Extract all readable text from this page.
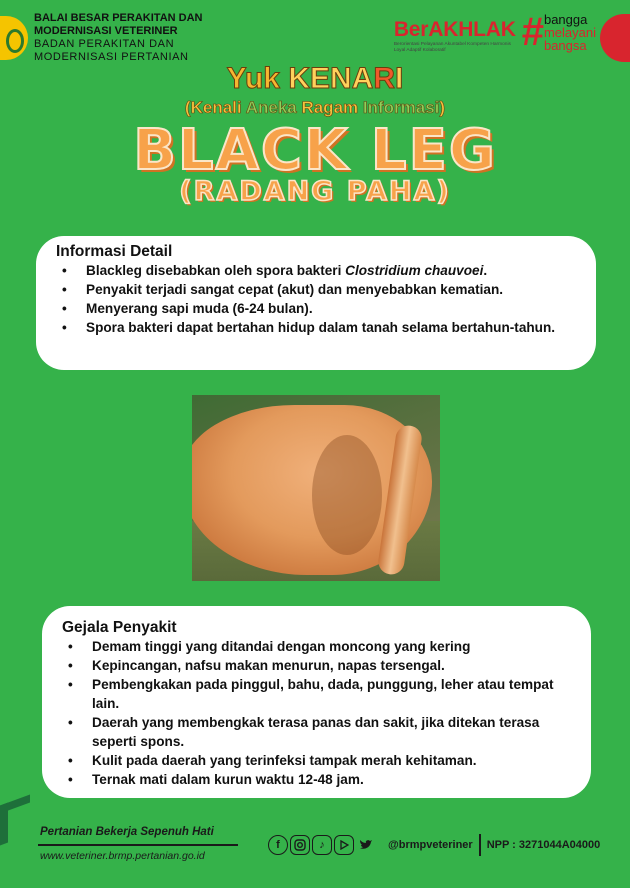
BALAI BESAR PERAKITAN DAN
MODERNISASI VETERINER
BADAN PERAKITAN DAN
MODERNISASI PERTANIAN
BerAKHLAK
Berorientasi Pelayanan Akuntabel Kompeten Harmonis Loyal Adaptif Kolaboratif	# bangga
melayani
bangsa
Yuk KENARI
(Kenali Aneka Ragam Informasi)
BLACK LEG
(RADANG PAHA)
Informasi Detail
• Blackleg disebabkan oleh spora bakteri Clostridium chauvoei.
• Penyakit terjadi sangat cepat (akut) dan menyebabkan kematian.
• Menyerang sapi muda (6-24 bulan).
• Spora bakteri dapat bertahan hidup dalam tanah selama bertahun-tahun.
Gejala Penyakit
• Demam tinggi yang ditandai dengan moncong yang kering
• Kepincangan, nafsu makan menurun, napas tersengal.
• Pembengkakan pada pinggul, bahu, dada, punggung, leher atau tempat lain.
• Daerah yang membengkak terasa panas dan sakit, jika ditekan terasa seperti spons.
• Kulit pada daerah yang terinfeksi tampak merah kehitaman.
• Ternak mati dalam kurun waktu 12-48 jam.
Pertanian Bekerja Sepenuh Hati
www.veteriner.brmp.pertanian.go.id
f	♪	@brmpveteriner NPP : 3271044A04000
